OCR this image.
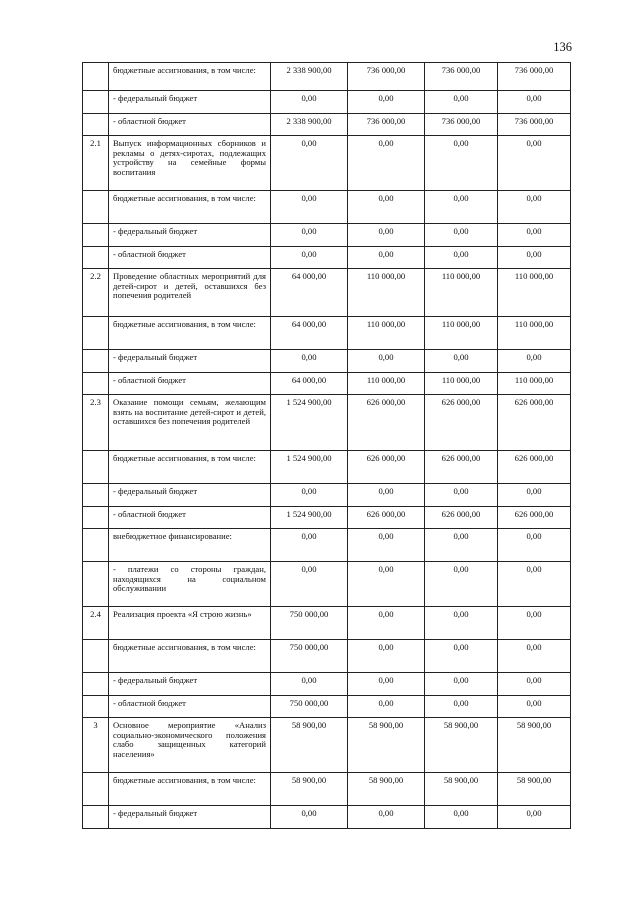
136
	бюджетные ассигнования, в том числе:	2 338 900,00	736 000,00	736 000,00	736 000,00
	- федеральный бюджет	0,00	0,00	0,00	0,00
	- областной бюджет	2 338 900,00	736 000,00	736 000,00	736 000,00
2.1	Выпуск информационных сборников и рекламы о детях-сиротах, подлежащих устройству на семейные формы воспитания	0,00	0,00	0,00	0,00
	бюджетные ассигнования, в том числе:	0,00	0,00	0,00	0,00
	- федеральный бюджет	0,00	0,00	0,00	0,00
	- областной бюджет	0,00	0,00	0,00	0,00
2.2	Проведение областных мероприятий для детей-сирот и детей, оставшихся без попечения родителей	64 000,00	110 000,00	110 000,00	110 000,00
	бюджетные ассигнования, в том числе:	64 000,00	110 000,00	110 000,00	110 000,00
	- федеральный бюджет	0,00	0,00	0,00	0,00
	- областной бюджет	64 000,00	110 000,00	110 000,00	110 000,00
2.3	Оказание помощи семьям, желающим взять на воспитание детей-сирот и детей, оставшихся без попечения родителей	1 524 900,00	626 000,00	626 000,00	626 000,00
	бюджетные ассигнования, в том числе:	1 524 900,00	626 000,00	626 000,00	626 000,00
	- федеральный бюджет	0,00	0,00	0,00	0,00
	- областной бюджет	1 524 900,00	626 000,00	626 000,00	626 000,00
	внебюджетное финансирование:	0,00	0,00	0,00	0,00
	- платежи со стороны граждан, находящихся на социальном обслуживании	0,00	0,00	0,00	0,00
2.4	Реализация проекта «Я строю жизнь»	750 000,00	0,00	0,00	0,00
	бюджетные ассигнования, в том числе:	750 000,00	0,00	0,00	0,00
	- федеральный бюджет	0,00	0,00	0,00	0,00
	- областной бюджет	750 000,00	0,00	0,00	0,00
3	Основное мероприятие «Анализ социально-экономического положения слабо защищенных категорий населения»	58 900,00	58 900,00	58 900,00	58 900,00
	бюджетные ассигнования, в том числе:	58 900,00	58 900,00	58 900,00	58 900,00
	- федеральный бюджет	0,00	0,00	0,00	0,00
